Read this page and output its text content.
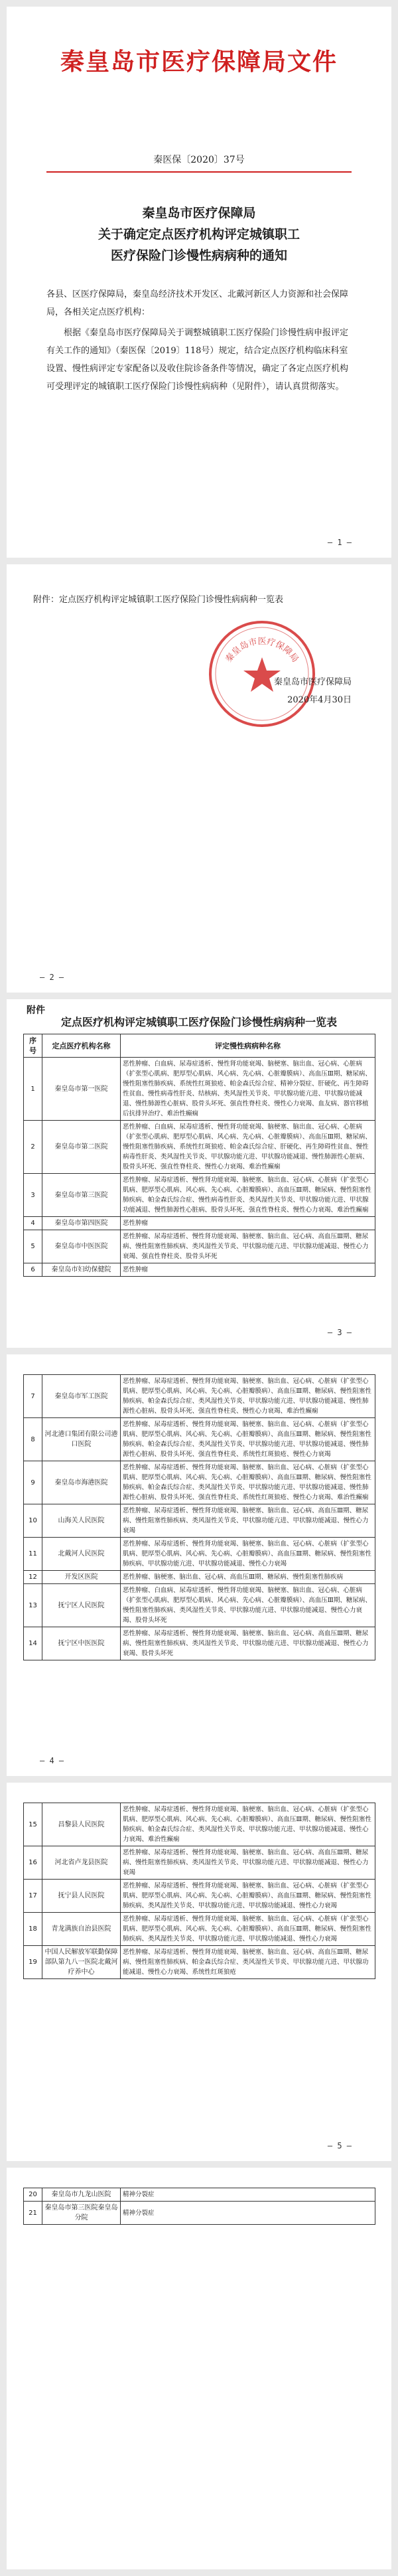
秦皇岛市医疗保障局文件
秦医保〔2020〕37号
秦皇岛市医疗保障局
关于确定定点医疗机构评定城镇职工
医疗保险门诊慢性病病种的通知

各县、区医疗保障局，秦皇岛经济技术开发区、北戴河新区人力资源和社会保障局，各相关定点医疗机构：

根据《秦皇岛市医疗保障局关于调整城镇职工医疗保险门诊慢性病申报评定有关工作的通知》（秦医保〔2019〕118号）规定，结合定点医疗机构临床科室设置、慢性病评定专家配备以及收住院诊备条件等情况，确定了各定点医疗机构可受理评定的城镇职工医疗保险门诊慢性病病种（见附件），请认真贯彻落实。

— 1 —

附件：定点医疗机构评定城镇职工医疗保险门诊慢性病病种一览表

秦皇岛市医疗保障局
秦皇岛市医疗保障局
2020年4月30日
— 2 —
附件
定点医疗机构评定城镇职工医疗保险门诊慢性病病种一览表
序号	定点医疗机构名称	评定慢性病病种名称
1	秦皇岛市第一医院	恶性肿瘤、白血病、尿毒症透析、慢性肾功能衰竭、脑梗塞、脑出血、冠心病、心脏病（扩张型心肌病、肥厚型心肌病、风心病、先心病、心脏瓣膜病）、高血压Ⅲ期、糖尿病、慢性阻塞性肺疾病、系统性红斑狼疮、帕金森氏综合症、精神分裂症、肝硬化、再生障碍性贫血、慢性病毒性肝炎、结核病、类风湿性关节炎、甲状腺功能亢进、甲状腺功能减退、慢性肺源性心脏病、股骨头坏死、强直性脊柱炎、慢性心力衰竭、血友病、器官移植后抗排异治疗、难治性癫痫
2	秦皇岛市第二医院	恶性肿瘤、白血病、尿毒症透析、慢性肾功能衰竭、脑梗塞、脑出血、冠心病、心脏病（扩张型心肌病、肥厚型心肌病、风心病、先心病、心脏瓣膜病）、高血压Ⅲ期、糖尿病、慢性阻塞性肺疾病、系统性红斑狼疮、帕金森氏综合症、肝硬化、再生障碍性贫血、慢性病毒性肝炎、类风湿性关节炎、甲状腺功能亢进、甲状腺功能减退、慢性肺源性心脏病、股骨头坏死、强直性脊柱炎、慢性心力衰竭、难治性癫痫
3	秦皇岛市第三医院	恶性肿瘤、尿毒症透析、慢性肾功能衰竭、脑梗塞、脑出血、冠心病、心脏病（扩张型心肌病、肥厚型心肌病、风心病、先心病、心脏瓣膜病）、高血压Ⅲ期、糖尿病、慢性阻塞性肺疾病、帕金森氏综合症、慢性病毒性肝炎、类风湿性关节炎、甲状腺功能亢进、甲状腺功能减退、慢性肺源性心脏病、股骨头坏死、强直性脊柱炎、慢性心力衰竭、难治性癫痫
4	秦皇岛市第四医院	恶性肿瘤
5	秦皇岛市中医医院	恶性肿瘤、尿毒症透析、慢性肾功能衰竭、脑梗塞、脑出血、冠心病、高血压Ⅲ期、糖尿病、慢性阻塞性肺疾病、类风湿性关节炎、甲状腺功能亢进、甲状腺功能减退、慢性心力衰竭、强直性脊柱炎、股骨头坏死
6	秦皇岛市妇幼保健院	恶性肿瘤
— 3 —
7	秦皇岛市军工医院	恶性肿瘤、尿毒症透析、慢性肾功能衰竭、脑梗塞、脑出血、冠心病、心脏病（扩张型心肌病、肥厚型心肌病、风心病、先心病、心脏瓣膜病）、高血压Ⅲ期、糖尿病、慢性阻塞性肺疾病、帕金森氏综合症、类风湿性关节炎、甲状腺功能亢进、甲状腺功能减退、慢性肺源性心脏病、股骨头坏死、强直性脊柱炎、慢性心力衰竭、难治性癫痫
8	河北港口集团有限公司港口医院	恶性肿瘤、尿毒症透析、慢性肾功能衰竭、脑梗塞、脑出血、冠心病、心脏病（扩张型心肌病、肥厚型心肌病、风心病、先心病、心脏瓣膜病）、高血压Ⅲ期、糖尿病、慢性阻塞性肺疾病、帕金森氏综合症、类风湿性关节炎、甲状腺功能亢进、甲状腺功能减退、慢性肺源性心脏病、股骨头坏死、强直性脊柱炎、系统性红斑狼疮、慢性心力衰竭
9	秦皇岛市海港医院	恶性肿瘤、尿毒症透析、慢性肾功能衰竭、脑梗塞、脑出血、冠心病、心脏病（扩张型心肌病、肥厚型心肌病、风心病、先心病、心脏瓣膜病）、高血压Ⅲ期、糖尿病、慢性阻塞性肺疾病、帕金森氏综合症、类风湿性关节炎、甲状腺功能亢进、甲状腺功能减退、慢性肺源性心脏病、股骨头坏死、强直性脊柱炎、系统性红斑狼疮、慢性心力衰竭、难治性癫痫
10	山海关人民医院	恶性肿瘤、尿毒症透析、慢性肾功能衰竭、脑梗塞、脑出血、冠心病、高血压Ⅲ期、糖尿病、慢性阻塞性肺疾病、类风湿性关节炎、甲状腺功能亢进、甲状腺功能减退、慢性心力衰竭
11	北戴河人民医院	恶性肿瘤、尿毒症透析、慢性肾功能衰竭、脑梗塞、脑出血、冠心病、心脏病（扩张型心肌病、肥厚型心肌病、风心病、先心病、心脏瓣膜病）、高血压Ⅲ期、糖尿病、慢性阻塞性肺疾病、甲状腺功能亢进、甲状腺功能减退、慢性心力衰竭
12	开发区医院	恶性肿瘤、脑梗塞、脑出血、冠心病、高血压Ⅲ期、糖尿病、慢性阻塞性肺疾病
13	抚宁区人民医院	恶性肿瘤、白血病、尿毒症透析、慢性肾功能衰竭、脑梗塞、脑出血、冠心病、心脏病（扩张型心肌病、肥厚型心肌病、风心病、先心病、心脏瓣膜病）、高血压Ⅲ期、糖尿病、慢性阻塞性肺疾病、类风湿性关节炎、甲状腺功能亢进、甲状腺功能减退、慢性心力衰竭、股骨头坏死
14	抚宁区中医医院	恶性肿瘤、尿毒症透析、慢性肾功能衰竭、脑梗塞、脑出血、冠心病、高血压Ⅲ期、糖尿病、慢性阻塞性肺疾病、类风湿性关节炎、甲状腺功能亢进、甲状腺功能减退、慢性心力衰竭、股骨头坏死
— 4 —
15	昌黎县人民医院	恶性肿瘤、尿毒症透析、慢性肾功能衰竭、脑梗塞、脑出血、冠心病、心脏病（扩张型心肌病、肥厚型心肌病、风心病、先心病、心脏瓣膜病）、高血压Ⅲ期、糖尿病、慢性阻塞性肺疾病、帕金森氏综合症、类风湿性关节炎、甲状腺功能亢进、甲状腺功能减退、慢性心力衰竭、难治性癫痫
16	河北省卢龙县医院	恶性肿瘤、尿毒症透析、慢性肾功能衰竭、脑梗塞、脑出血、冠心病、高血压Ⅲ期、糖尿病、慢性阻塞性肺疾病、类风湿性关节炎、甲状腺功能亢进、甲状腺功能减退、慢性心力衰竭
17	抚宁县人民医院	恶性肿瘤、尿毒症透析、慢性肾功能衰竭、脑梗塞、脑出血、冠心病、心脏病（扩张型心肌病、肥厚型心肌病、风心病、先心病、心脏瓣膜病）、高血压Ⅲ期、糖尿病、慢性阻塞性肺疾病、类风湿性关节炎、甲状腺功能亢进、甲状腺功能减退、慢性心力衰竭
18	青龙满族自治县医院	恶性肿瘤、尿毒症透析、慢性肾功能衰竭、脑梗塞、脑出血、冠心病、心脏病（扩张型心肌病、肥厚型心肌病、风心病、先心病、心脏瓣膜病）、高血压Ⅲ期、糖尿病、慢性阻塞性肺疾病、类风湿性关节炎、甲状腺功能亢进、甲状腺功能减退、慢性心力衰竭
19	中国人民解放军联勤保障部队第九八一医院北戴河疗养中心	恶性肿瘤、尿毒症透析、慢性肾功能衰竭、脑梗塞、脑出血、冠心病、高血压Ⅲ期、糖尿病、慢性阻塞性肺疾病、帕金森氏综合症、类风湿性关节炎、甲状腺功能亢进、甲状腺功能减退、慢性心力衰竭、系统性红斑狼疮
— 5 —
20	秦皇岛市九龙山医院	精神分裂症
21	秦皇岛市第三医院秦皇岛分院	精神分裂症
